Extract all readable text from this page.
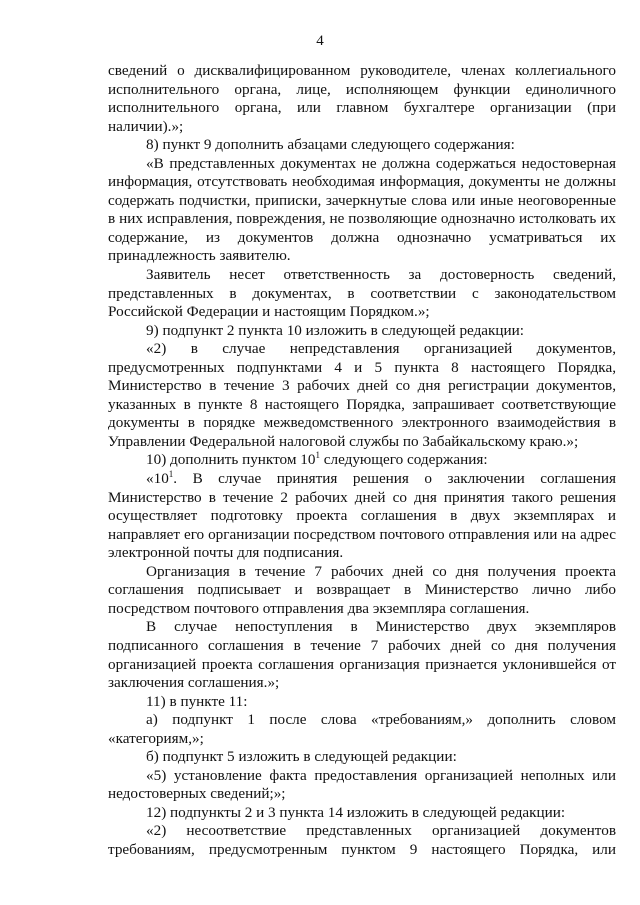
4

сведений о дисквалифицированном руководителе, членах коллегиального исполнительного органа, лице, исполняющем функции единоличного исполнительного органа, или главном бухгалтере организации (при наличии).»;

8) пункт 9 дополнить абзацами следующего содержания:

«В представленных документах не должна содержаться недостоверная информация, отсутствовать необходимая информация, документы не должны содержать подчистки, приписки, зачеркнутые слова или иные неоговоренные в них исправления, повреждения, не позволяющие однозначно истолковать их содержание, из документов должна однозначно усматриваться их принадлежность заявителю.

Заявитель несет ответственность за достоверность сведений, представленных в документах, в соответствии с законодательством Российской Федерации и настоящим Порядком.»;

9) подпункт 2 пункта 10 изложить в следующей редакции:

«2) в случае непредставления организацией документов, предусмотренных подпунктами 4 и 5 пункта 8 настоящего Порядка, Министерство в течение 3 рабочих дней со дня регистрации документов, указанных в пункте 8 настоящего Порядка, запрашивает соответствующие документы в порядке межведомственного электронного взаимодействия в Управлении Федеральной налоговой службы по Забайкальскому краю.»;

10) дополнить пунктом $10^1$ следующего содержания:

«$10^1$. В случае принятия решения о заключении соглашения Министерство в течение 2 рабочих дней со дня принятия такого решения осуществляет подготовку проекта соглашения в двух экземплярах и направляет его организации посредством почтового отправления или на адрес электронной почты для подписания.

Организация в течение 7 рабочих дней со дня получения проекта соглашения подписывает и возвращает в Министерство лично либо посредством почтового отправления два экземпляра соглашения.

В случае непоступления в Министерство двух экземпляров подписанного соглашения в течение 7 рабочих дней со дня получения организацией проекта соглашения организация признается уклонившейся от заключения соглашения.»;

11) в пункте 11:

а) подпункт 1 после слова «требованиям,» дополнить словом «категориям,»;

б) подпункт 5 изложить в следующей редакции:

«5) установление факта предоставления организацией неполных или недостоверных сведений;»;

12) подпункты 2 и 3 пункта 14 изложить в следующей редакции:

«2) несоответствие представленных организацией документов требованиям, предусмотренным пунктом 9 настоящего Порядка, или
